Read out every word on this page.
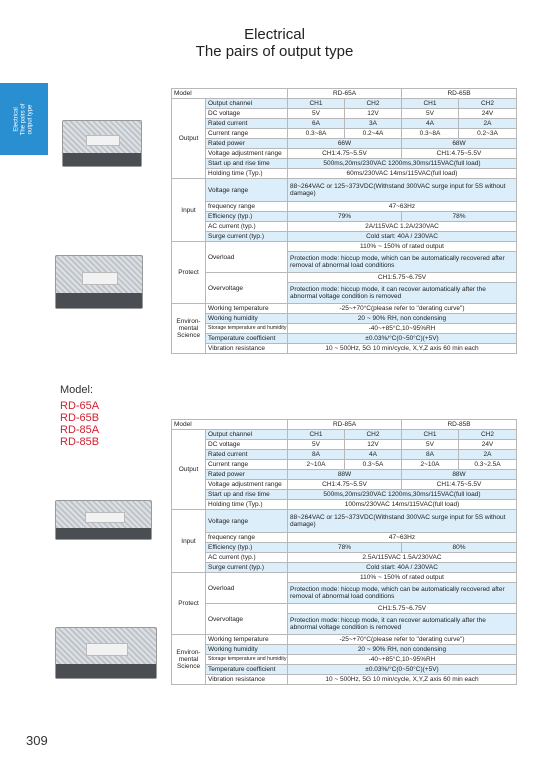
Electrical
The pairs of output type
Electrical
The pairs of
output type
Model:
RD-65A
RD-65B
RD-85A
RD-85B
309
Model		RD-65A		RD-65B	
Output	Output channel	CH1	CH2	CH1	CH2
	DC voltage	5V	12V	5V	24V
	Rated current	6A	3A	4A	2A
	Current range	0.3~8A	0.2~4A	0.3~8A	0.2~3A
	Rated power	66W		68W	
	Voltage adjustment range	CH1:4.75~5.5V		CH1:4.75~5.5V	
	Start up and rise time	500ms,20ms/230VAC 1200ms,30ms/115VAC(full load)			
	Holding time (Typ.)	60ms/230VAC 14ms/115VAC(full load)			
Input	Voltage range	88~264VAC or 125~373VDC(Withstand 300VAC surge input for 5S without damage)			
	frequency range	47~63Hz			
	Efficiency (typ.)	79%		78%	
	AC current (typ.)	2A/115VAC 1.2A/230VAC			
	Surge current (typ.)	Cold start: 40A / 230VAC			
Protect	Overload	110% ~ 150% of rated output			
		Protection mode: hiccup mode, which can be automatically recovered after removal of abnormal load conditions			
	Overvoltage	CH1:5.75~6.75V			
		Protection mode: hiccup mode, it can recover automatically after the abnormal voltage condition is removed			
Environ-
mental
Science	Working temperature	-25~+70°C(please refer to "derating curve")			
	Working humidity	20 ~ 90% RH, non condensing			
	Storage temperature and humidity	-40~+85°C,10~95%RH			
	Temperature coefficient	±0.03%/°C(0~50°C)(+5V)			
	Vibration resistance	10 ~ 500Hz, 5G 10 min/cycle, X,Y,Z axis 60 min each			
Model		RD-85A		RD-85B	
Output	Output channel	CH1	CH2	CH1	CH2
	DC voltage	5V	12V	5V	24V
	Rated current	8A	4A	8A	2A
	Current range	2~10A	0.3~5A	2~10A	0.3~2.5A
	Rated power	88W		88W	
	Voltage adjustment range	CH1:4.75~5.5V		CH1:4.75~5.5V	
	Start up and rise time	500ms,20ms/230VAC 1200ms,30ms/115VAC(full load)			
	Holding time (Typ.)	100ms/230VAC 14ms/115VAC(full load)			
Input	Voltage range	88~264VAC or 125~373VDC(Withstand 300VAC surge input for 5S without damage)			
	frequency range	47~63Hz			
	Efficiency (typ.)	78%		80%	
	AC current (typ.)	2.5A/115VAC 1.5A/230VAC			
	Surge current (typ.)	Cold start: 40A / 230VAC			
Protect	Overload	110% ~ 150% of rated output			
		Protection mode: hiccup mode, which can be automatically recovered after removal of abnormal load conditions			
	Overvoltage	CH1:5.75~6.75V			
		Protection mode: hiccup mode, it can recover automatically after the abnormal voltage condition is removed			
Environ-
mental
Science	Working temperature	-25~+70°C(please refer to "derating curve")			
	Working humidity	20 ~ 90% RH, non condensing			
	Storage temperature and humidity	-40~+85°C,10~95%RH			
	Temperature coefficient	±0.03%/°C(0~50°C)(+5V)			
	Vibration resistance	10 ~ 500Hz, 5G 10 min/cycle, X,Y,Z axis 60 min each			
